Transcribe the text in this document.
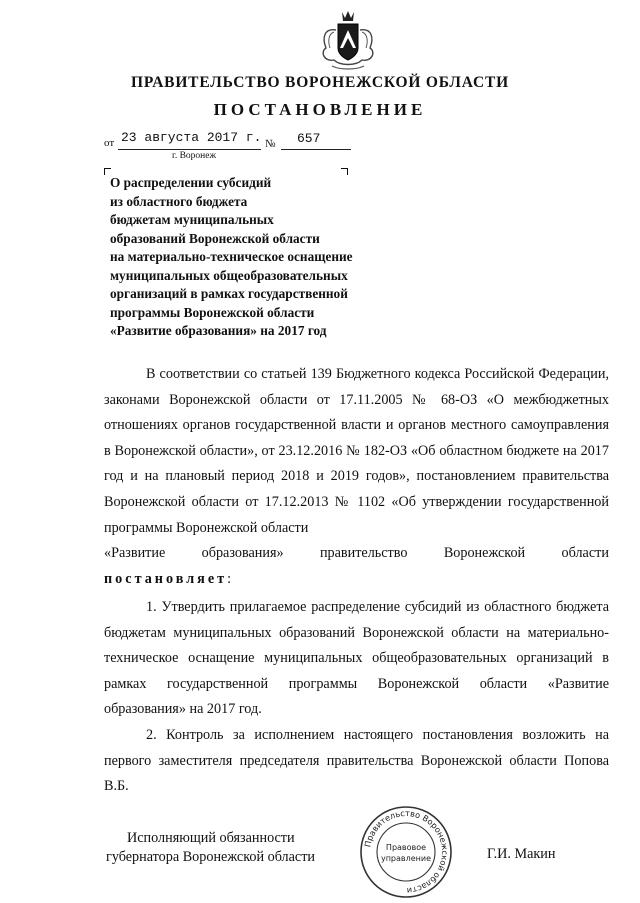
ПРАВИТЕЛЬСТВО ВОРОНЕЖСКОЙ ОБЛАСТИ
ПОСТАНОВЛЕНИЕ
от 23 августа 2017 г. № 657
г. Воронеж
О распределении субсидий
из областного бюджета
бюджетам муниципальных
образований Воронежской области
на материально-техническое оснащение
муниципальных общеобразовательных
организаций в рамках государственной
программы Воронежской области
«Развитие образования» на 2017 год
В соответствии со статьей 139 Бюджетного кодекса Российской Федерации, законами Воронежской области от 17.11.2005 № 68-ОЗ «О межбюджетных отношениях органов государственной власти и органов местного самоуправления в Воронежской области», от 23.12.2016 № 182-ОЗ «Об областном бюджете на 2017 год и на плановый период 2018 и 2019 годов», постановлением правительства Воронежской области от 17.12.2013 № 1102 «Об утверждении государственной программы Воронежской области
«Развитие	образования»	правительство	Воронежской	области
постановляет:
1. Утвердить прилагаемое распределение субсидий из областного бюджета бюджетам муниципальных образований Воронежской области на материально-техническое оснащение муниципальных общеобразовательных организаций в рамках государственной программы Воронежской области «Развитие образования» на 2017 год.
2. Контроль за исполнением настоящего постановления возложить на первого заместителя председателя правительства Воронежской области Попова В.Б.
Исполняющий обязанности
губернатора Воронежской области	Г.И. Макин
Правительство Воронежской области
Правовое
управление
